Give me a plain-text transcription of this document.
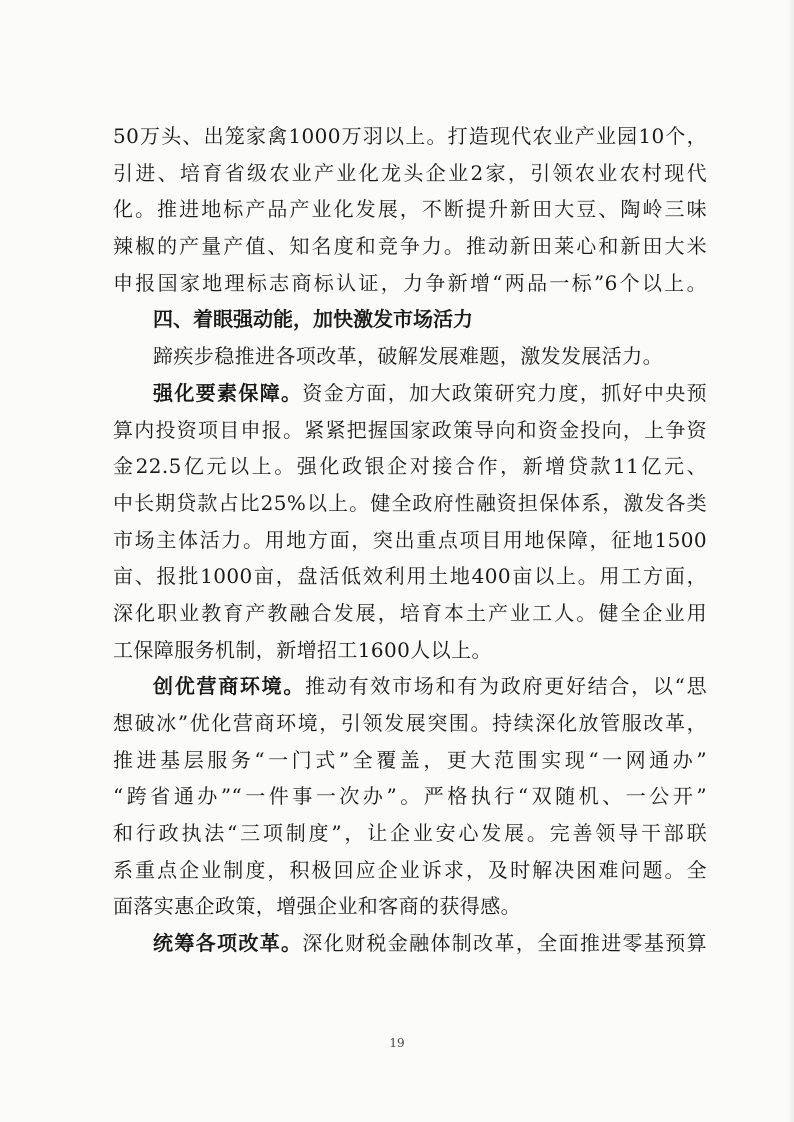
50万头、出笼家禽1000万羽以上。打造现代农业产业园10个，
引进、培育省级农业产业化龙头企业2家，引领农业农村现代
化。推进地标产品产业化发展，不断提升新田大豆、陶岭三味
辣椒的产量产值、知名度和竞争力。推动新田莱心和新田大米
申报国家地理标志商标认证，力争新增“两品一标”6个以上。
四、着眼强动能，加快激发市场活力
蹄疾步稳推进各项改革，破解发展难题，激发发展活力。
强化要素保障。资金方面，加大政策研究力度，抓好中央预
算内投资项目申报。紧紧把握国家政策导向和资金投向，上争资
金22.5亿元以上。强化政银企对接合作，新增贷款11亿元、
中长期贷款占比25%以上。健全政府性融资担保体系，激发各类
市场主体活力。用地方面，突出重点项目用地保障，征地1500
亩、报批1000亩，盘活低效利用土地400亩以上。用工方面，
深化职业教育产教融合发展，培育本土产业工人。健全企业用
工保障服务机制，新增招工1600人以上。
创优营商环境。推动有效市场和有为政府更好结合，以“思
想破冰”优化营商环境，引领发展突围。持续深化放管服改革，
推进基层服务“一门式”全覆盖，更大范围实现“一网通办”
“跨省通办”“一件事一次办”。严格执行“双随机、一公开”
和行政执法“三项制度”，让企业安心发展。完善领导干部联
系重点企业制度，积极回应企业诉求，及时解决困难问题。全
面落实惠企政策，增强企业和客商的获得感。
统筹各项改革。深化财税金融体制改革，全面推进零基预算
19
